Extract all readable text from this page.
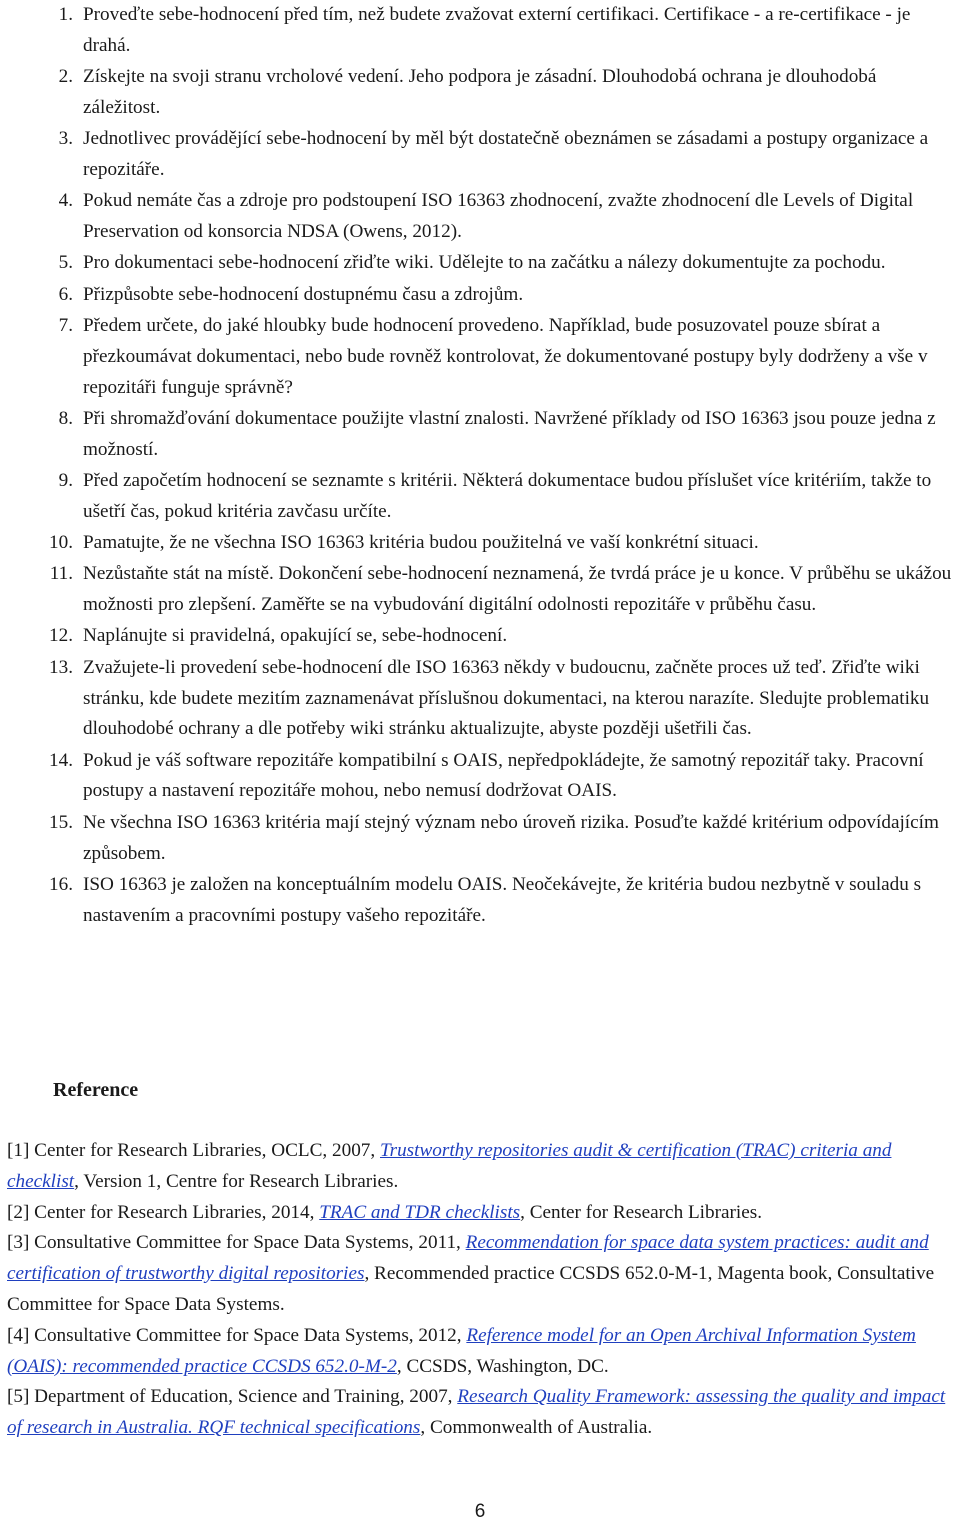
1. Proveďte sebe-hodnocení před tím, než budete zvažovat externí certifikaci. Certifikace - a re-certifikace - je drahá.
2. Získejte na svoji stranu vrcholové vedení. Jeho podpora je zásadní. Dlouhodobá ochrana je dlouhodobá záležitost.
3. Jednotlivec provádějící sebe-hodnocení by měl být dostatečně obeznámen se zásadami a postupy organizace a repozitáře.
4. Pokud nemáte čas a zdroje pro podstoupení ISO 16363 zhodnocení, zvažte zhodnocení dle Levels of Digital Preservation od konsorcia NDSA (Owens, 2012).
5. Pro dokumentaci sebe-hodnocení zřiďte wiki. Udělejte to na začátku a nálezy dokumentujte za pochodu.
6. Přizpůsobte sebe-hodnocení dostupnému času a zdrojům.
7. Předem určete, do jaké hloubky bude hodnocení provedeno. Například, bude posuzovatel pouze sbírat a přezkoumávat dokumentaci, nebo bude rovněž kontrolovat, že dokumentované postupy byly dodrženy a vše v repozitáři funguje správně?
8. Při shromažďování dokumentace použijte vlastní znalosti. Navržené příklady od ISO 16363 jsou pouze jedna z možností.
9. Před započetím hodnocení se seznamte s kritérii. Některá dokumentace budou příslušet více kritériím, takže to ušetří čas, pokud kritéria zavčasu určíte.
10. Pamatujte, že ne všechna ISO 16363 kritéria budou použitelná ve vaší konkrétní situaci.
11. Nezůstaňte stát na místě. Dokončení sebe-hodnocení neznamená, že tvrdá práce je u konce. V průběhu se ukážou možnosti pro zlepšení. Zaměřte se na vybudování digitální odolnosti repozitáře v průběhu času.
12. Naplánujte si pravidelná, opakující se, sebe-hodnocení.
13. Zvažujete-li provedení sebe-hodnocení dle ISO 16363 někdy v budoucnu, začněte proces už teď. Zřiďte wiki stránku, kde budete mezitím zaznamenávat příslušnou dokumentaci, na kterou narazíte. Sledujte problematiku dlouhodobé ochrany a dle potřeby wiki stránku aktualizujte, abyste později ušetřili čas.
14. Pokud je váš software repozitáře kompatibilní s OAIS, nepředpokládejte, že samotný repozitář taky. Pracovní postupy a nastavení repozitáře mohou, nebo nemusí dodržovat OAIS.
15. Ne všechna ISO 16363 kritéria mají stejný význam nebo úroveň rizika. Posuďte každé kritérium odpovídajícím způsobem.
16. ISO 16363 je založen na konceptuálním modelu OAIS. Neočekávejte, že kritéria budou nezbytně v souladu s nastavením a pracovními postupy vašeho repozitáře.
Reference

[1] Center for Research Libraries, OCLC, 2007, Trustworthy repositories audit & certification (TRAC) criteria and checklist, Version 1, Centre for Research Libraries.

[2] Center for Research Libraries, 2014, TRAC and TDR checklists, Center for Research Libraries.

[3] Consultative Committee for Space Data Systems, 2011, Recommendation for space data system practices: audit and certification of trustworthy digital repositories, Recommended practice CCSDS 652.0-M-1, Magenta book, Consultative Committee for Space Data Systems.

[4] Consultative Committee for Space Data Systems, 2012, Reference model for an Open Archival Information System (OAIS): recommended practice CCSDS 652.0-M-2, CCSDS, Washington, DC.

[5] Department of Education, Science and Training, 2007, Research Quality Framework: assessing the quality and impact of research in Australia. RQF technical specifications, Commonwealth of Australia.

6
